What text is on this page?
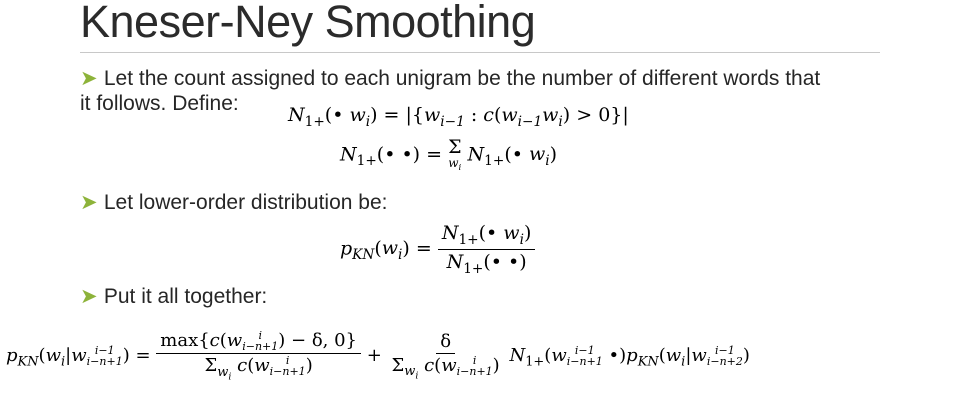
Kneser-Ney Smoothing
➤ Let the count assigned to each unigram be the number of different words that
it follows. Define:	$N_{1+}(•$ $w_i) = |\{w_{i-1}$ : $c(w_{i-1}w_i) > 0\}|$
$N_{1+}(•$ •) = Σ
$w_i$
$N_{1+}(•$ $w_i$)
➤ Let lower-order distribution be:
$p_{KN}(w_i) = \frac{N_{1+}(• w_i)}{N_{1+}(• •)}$
➤ Put it all together:
$p_{KN}(w_i|w$ i−1
i−n+1 ) = max{c(w i
i−n+1 ) − δ, 0}
$\Sigma_{w_i}$ c(w i
i−n+1 ) + δ
$\Sigma_{w_i}$ c(w i
i−n+1 ) $N_{1+}(w$ i−1
i−n+1 $•)p_{KN}(w_i|w$ i−1
i−n+2 )
